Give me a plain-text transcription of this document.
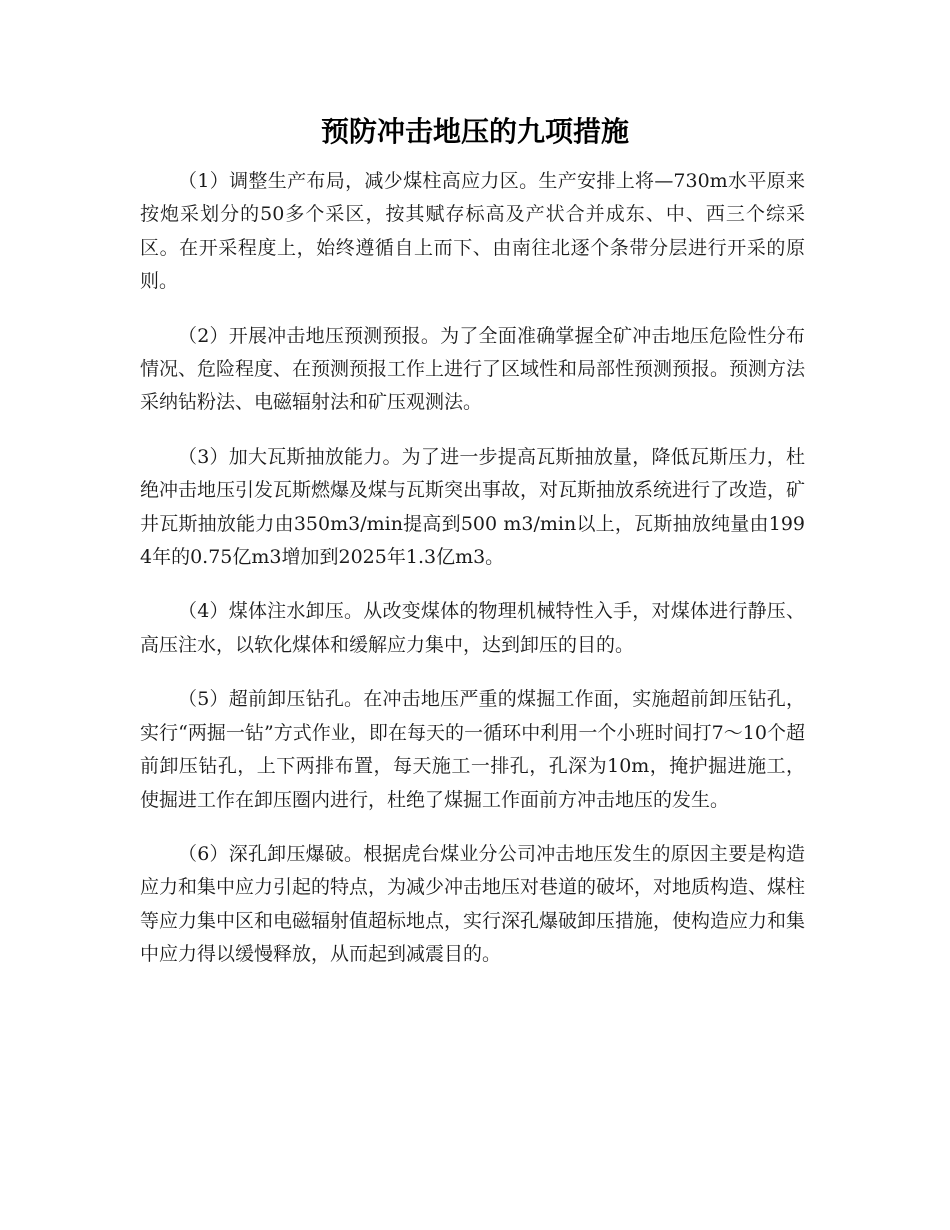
预防冲击地压的九项措施

（1）调整生产布局，减少煤柱高应力区。生产安排上将—730m水平原来按炮采划分的50多个采区，按其赋存标高及产状合并成东、中、西三个综采区。在开采程度上，始终遵循自上而下、由南往北逐个条带分层进行开采的原则。

（2）开展冲击地压预测预报。为了全面准确掌握全矿冲击地压危险性分布情况、危险程度、在预测预报工作上进行了区域性和局部性预测预报。预测方法采纳钻粉法、电磁辐射法和矿压观测法。

（3）加大瓦斯抽放能力。为了进一步提高瓦斯抽放量，降低瓦斯压力，杜绝冲击地压引发瓦斯燃爆及煤与瓦斯突出事故，对瓦斯抽放系统进行了改造，矿井瓦斯抽放能力由350m3/min提高到500 m3/min以上，瓦斯抽放纯量由1994年的0.75亿m3增加到2025年1.3亿m3。

（4）煤体注水卸压。从改变煤体的物理机械特性入手，对煤体进行静压、高压注水，以软化煤体和缓解应力集中，达到卸压的目的。

（5）超前卸压钻孔。在冲击地压严重的煤掘工作面，实施超前卸压钻孔，实行“两掘一钻”方式作业，即在每天的一循环中利用一个小班时间打7～10个超前卸压钻孔，上下两排布置，每天施工一排孔，孔深为10m，掩护掘进施工，使掘进工作在卸压圈内进行，杜绝了煤掘工作面前方冲击地压的发生。

（6）深孔卸压爆破。根据虎台煤业分公司冲击地压发生的原因主要是构造应力和集中应力引起的特点，为减少冲击地压对巷道的破坏，对地质构造、煤柱等应力集中区和电磁辐射值超标地点，实行深孔爆破卸压措施，使构造应力和集中应力得以缓慢释放，从而起到减震目的。
